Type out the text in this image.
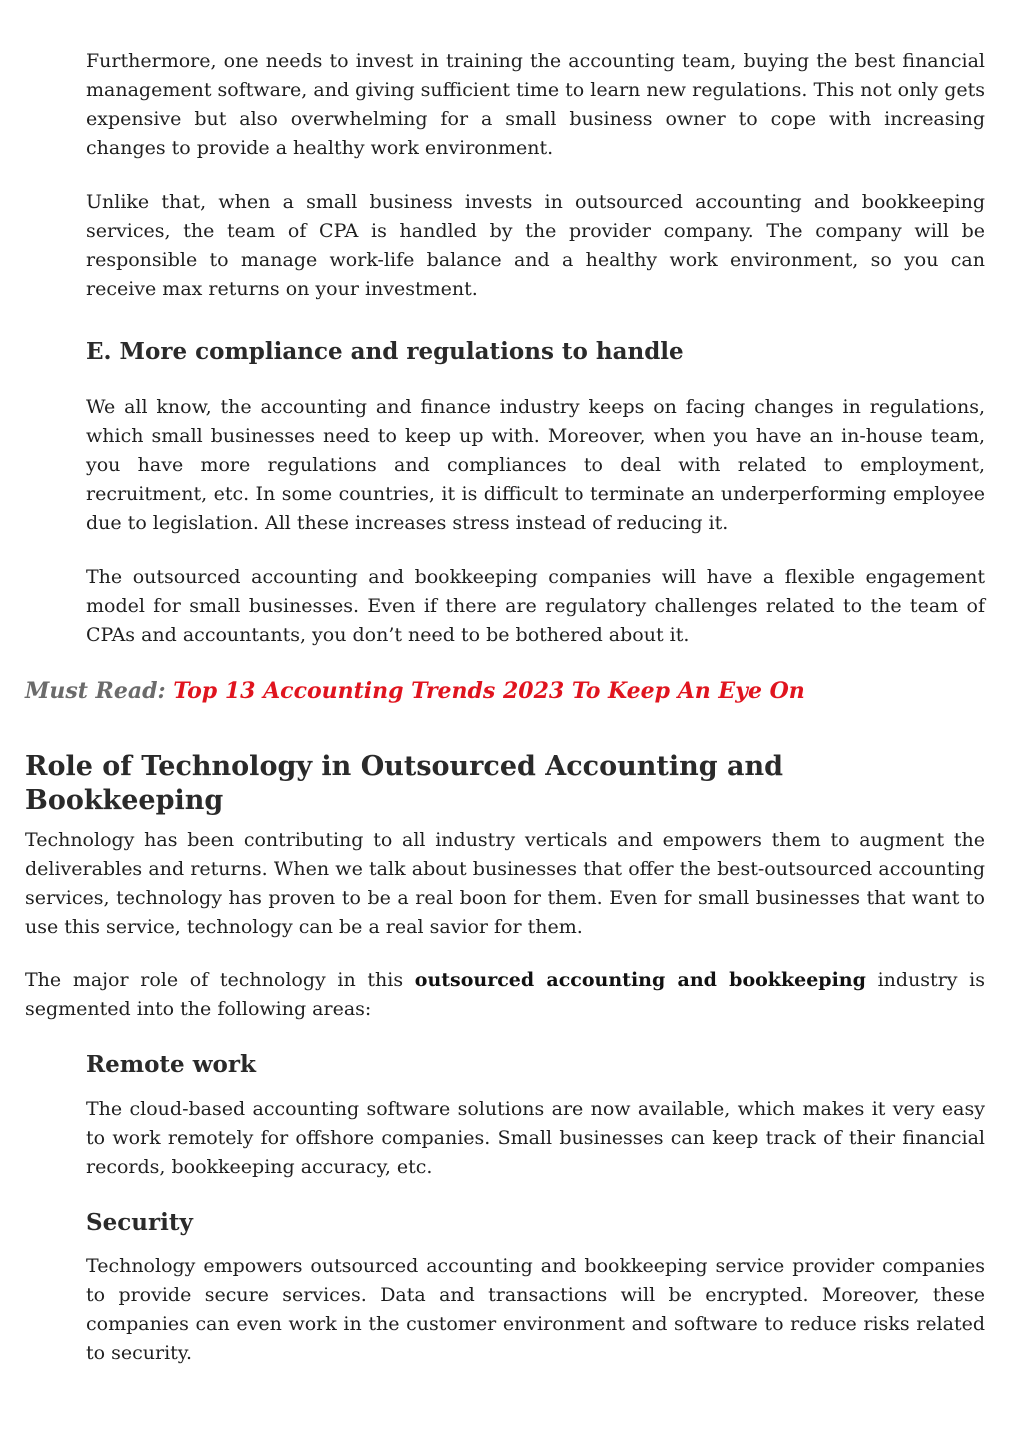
Furthermore, one needs to invest in training the accounting team, buying the best financial management software, and giving sufficient time to learn new regulations. This not only gets expensive but also overwhelming for a small business owner to cope with increasing changes to provide a healthy work environment.

Unlike that, when a small business invests in outsourced accounting and bookkeeping services, the team of CPA is handled by the provider company. The company will be responsible to manage work-life balance and a healthy work environment, so you can receive max returns on your investment.

E. More compliance and regulations to handle

We all know, the accounting and finance industry keeps on facing changes in regulations, which small businesses need to keep up with. Moreover, when you have an in-house team, you have more regulations and compliances to deal with related to employment, recruitment, etc. In some countries, it is difficult to terminate an underperforming employee due to legislation. All these increases stress instead of reducing it.

The outsourced accounting and bookkeeping companies will have a flexible engagement model for small businesses. Even if there are regulatory challenges related to the team of CPAs and accountants, you don’t need to be bothered about it.

Must Read: Top 13 Accounting Trends 2023 To Keep An Eye On
Role of Technology in Outsourced Accounting and Bookkeeping

Technology has been contributing to all industry verticals and empowers them to augment the deliverables and returns. When we talk about businesses that offer the best-outsourced accounting services, technology has proven to be a real boon for them. Even for small businesses that want to use this service, technology can be a real savior for them.

The major role of technology in this outsourced accounting and bookkeeping industry is segmented into the following areas:

Remote work

The cloud-based accounting software solutions are now available, which makes it very easy to work remotely for offshore companies. Small businesses can keep track of their financial records, bookkeeping accuracy, etc.

Security

Technology empowers outsourced accounting and bookkeeping service provider companies to provide secure services. Data and transactions will be encrypted. Moreover, these companies can even work in the customer environment and software to reduce risks related to security.
